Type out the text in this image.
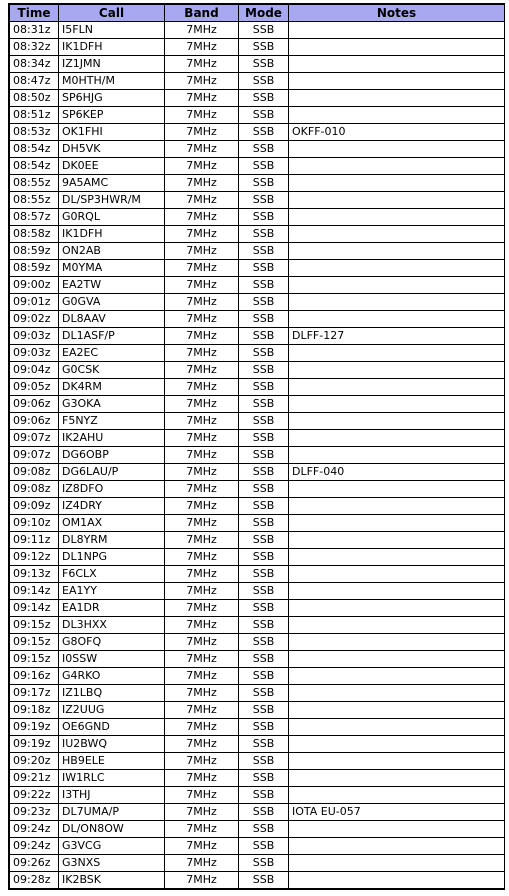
Time	Call	Band	Mode	Notes
08:31z	I5FLN	7MHz	SSB	
08:32z	IK1DFH	7MHz	SSB	
08:34z	IZ1JMN	7MHz	SSB	
08:47z	M0HTH/M	7MHz	SSB	
08:50z	SP6HJG	7MHz	SSB	
08:51z	SP6KEP	7MHz	SSB	
08:53z	OK1FHI	7MHz	SSB	OKFF-010
08:54z	DH5VK	7MHz	SSB	
08:54z	DK0EE	7MHz	SSB	
08:55z	9A5AMC	7MHz	SSB	
08:55z	DL/SP3HWR/M	7MHz	SSB	
08:57z	G0RQL	7MHz	SSB	
08:58z	IK1DFH	7MHz	SSB	
08:59z	ON2AB	7MHz	SSB	
08:59z	M0YMA	7MHz	SSB	
09:00z	EA2TW	7MHz	SSB	
09:01z	G0GVA	7MHz	SSB	
09:02z	DL8AAV	7MHz	SSB	
09:03z	DL1ASF/P	7MHz	SSB	DLFF-127
09:03z	EA2EC	7MHz	SSB	
09:04z	G0CSK	7MHz	SSB	
09:05z	DK4RM	7MHz	SSB	
09:06z	G3OKA	7MHz	SSB	
09:06z	F5NYZ	7MHz	SSB	
09:07z	IK2AHU	7MHz	SSB	
09:07z	DG6OBP	7MHz	SSB	
09:08z	DG6LAU/P	7MHz	SSB	DLFF-040
09:08z	IZ8DFO	7MHz	SSB	
09:09z	IZ4DRY	7MHz	SSB	
09:10z	OM1AX	7MHz	SSB	
09:11z	DL8YRM	7MHz	SSB	
09:12z	DL1NPG	7MHz	SSB	
09:13z	F6CLX	7MHz	SSB	
09:14z	EA1YY	7MHz	SSB	
09:14z	EA1DR	7MHz	SSB	
09:15z	DL3HXX	7MHz	SSB	
09:15z	G8OFQ	7MHz	SSB	
09:15z	I0SSW	7MHz	SSB	
09:16z	G4RKO	7MHz	SSB	
09:17z	IZ1LBQ	7MHz	SSB	
09:18z	IZ2UUG	7MHz	SSB	
09:19z	OE6GND	7MHz	SSB	
09:19z	IU2BWQ	7MHz	SSB	
09:20z	HB9ELE	7MHz	SSB	
09:21z	IW1RLC	7MHz	SSB	
09:22z	I3THJ	7MHz	SSB	
09:23z	DL7UMA/P	7MHz	SSB	IOTA EU-057
09:24z	DL/ON8OW	7MHz	SSB	
09:24z	G3VCG	7MHz	SSB	
09:26z	G3NXS	7MHz	SSB	
09:28z	IK2BSK	7MHz	SSB	
